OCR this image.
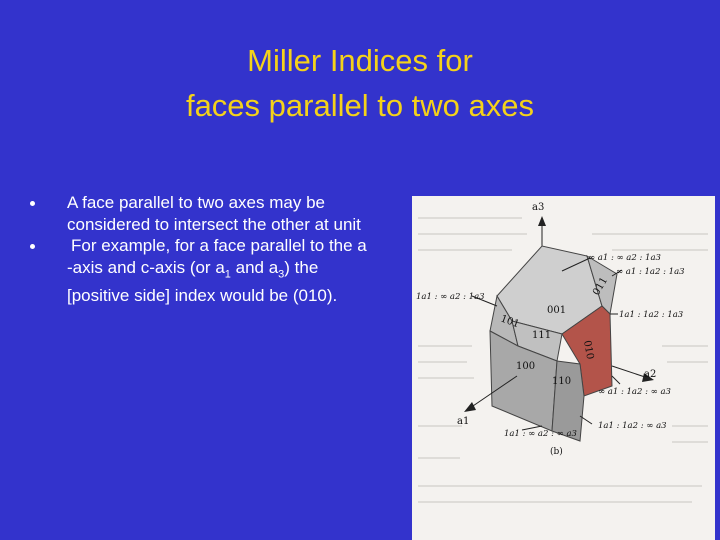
Miller Indices for
faces parallel to two axes
A face parallel to two axes may be
considered to intersect the other at unit
For example, for a face parallel to the a
-axis and c-axis (or $a_1$ and $a_3$) the
[positive side] index would be (010).
a3
a1
a2
001
011
101
111
010
100
110
∞ a1 : ∞ a2 : 1a3
∞ a1 : 1a2 : 1a3
1a1 : ∞ a2 : 1a3
1a1 : 1a2 : 1a3
∞ a1 : 1a2 : ∞ a3
1a1 : 1a2 : ∞ a3
1a1 : ∞ a2 : ∞ a3
(b)
